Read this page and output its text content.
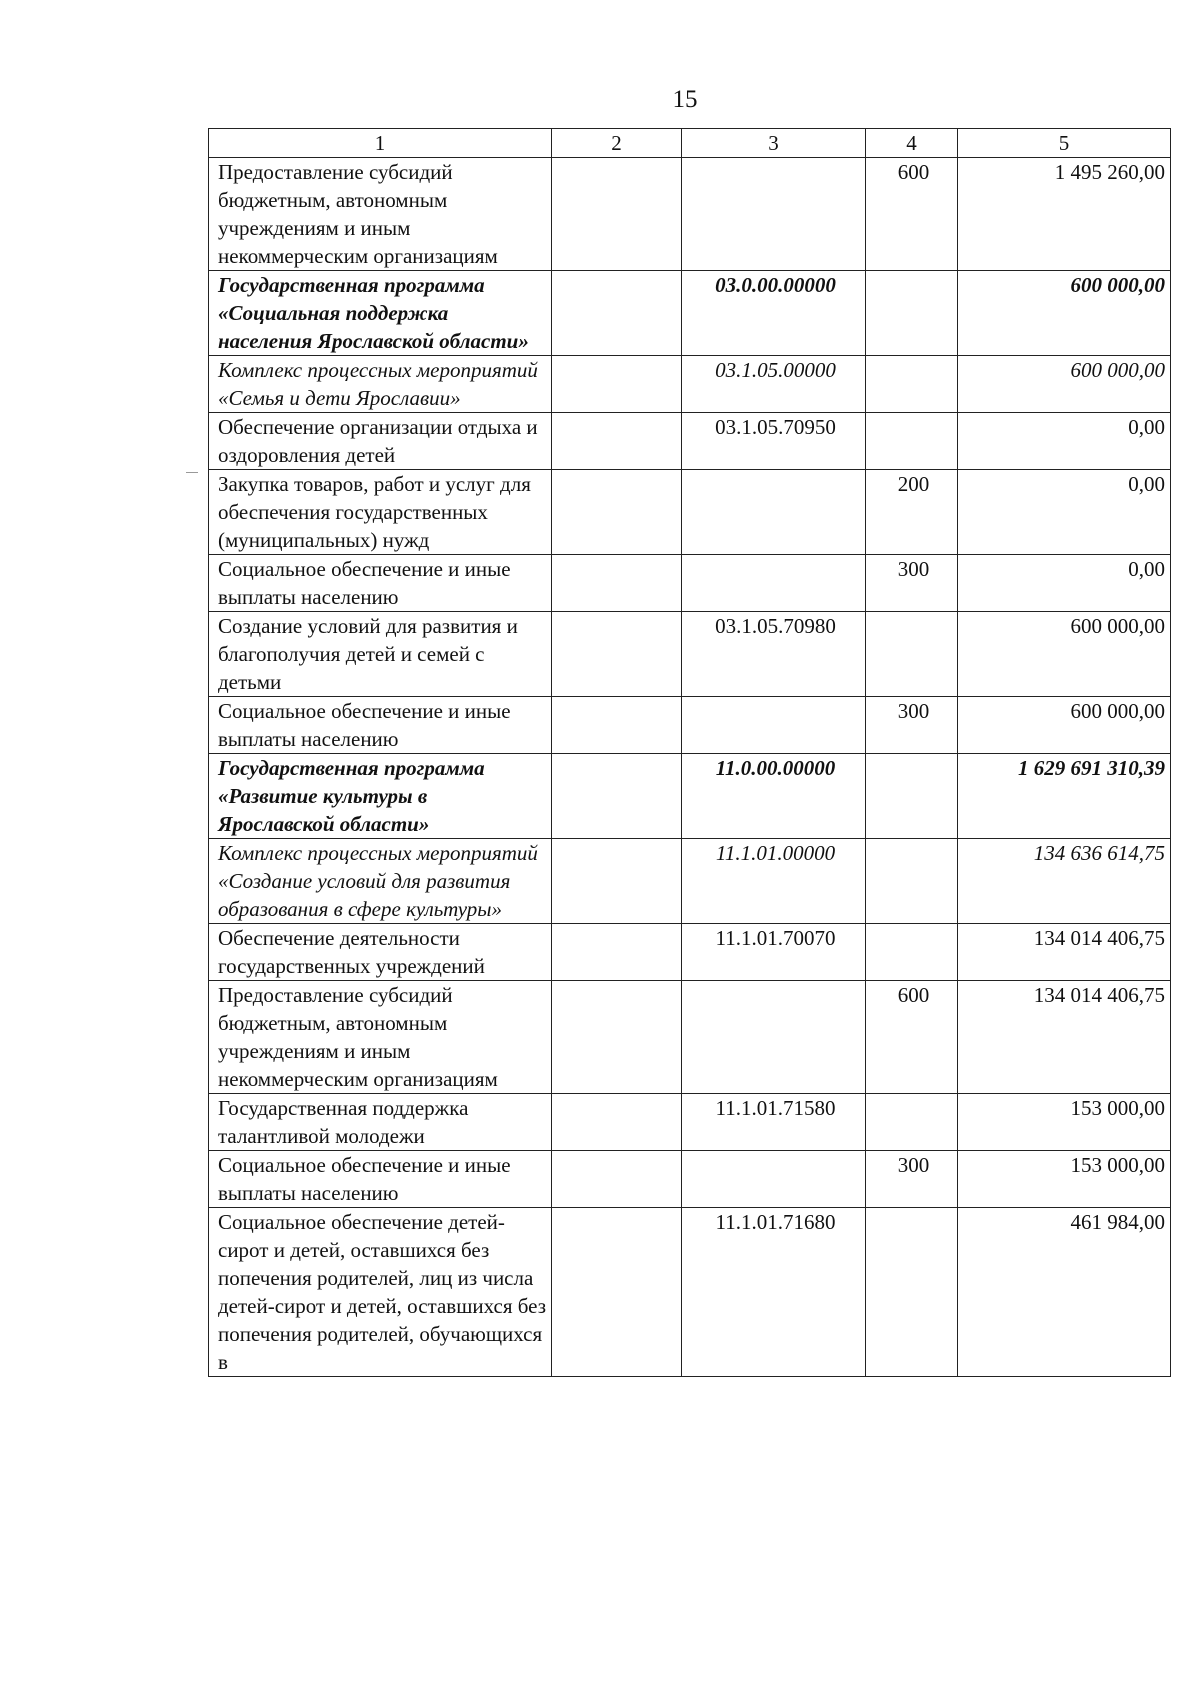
15
1	2	3	4	5
Предоставление субсидий бюджетным, автономным учреждениям и иным некоммерческим организациям			600	1 495 260,00
Государственная программа «Социальная поддержка населения Ярославской области»		03.0.00.00000		600 000,00
Комплекс процессных мероприятий «Семья и дети Ярославии»		03.1.05.00000		600 000,00
Обеспечение организации отдыха и оздоровления детей		03.1.05.70950		0,00
Закупка товаров, работ и услуг для обеспечения государственных (муниципальных) нужд			200	0,00
Социальное обеспечение и иные выплаты населению			300	0,00
Создание условий для развития и благополучия детей и семей с детьми		03.1.05.70980		600 000,00
Социальное обеспечение и иные выплаты населению			300	600 000,00
Государственная программа «Развитие культуры в Ярославской области»		11.0.00.00000		1 629 691 310,39
Комплекс процессных мероприятий «Создание условий для развития образования в сфере культуры»		11.1.01.00000		134 636 614,75
Обеспечение деятельности государственных учреждений		11.1.01.70070		134 014 406,75
Предоставление субсидий бюджетным, автономным учреждениям и иным некоммерческим организациям			600	134 014 406,75
Государственная поддержка талантливой молодежи		11.1.01.71580		153 000,00
Социальное обеспечение и иные выплаты населению			300	153 000,00
Социальное обеспечение детей-сирот и детей, оставшихся без попечения родителей, лиц из числа детей-сирот и детей, оставшихся без попечения родителей, обучающихся в		11.1.01.71680		461 984,00
